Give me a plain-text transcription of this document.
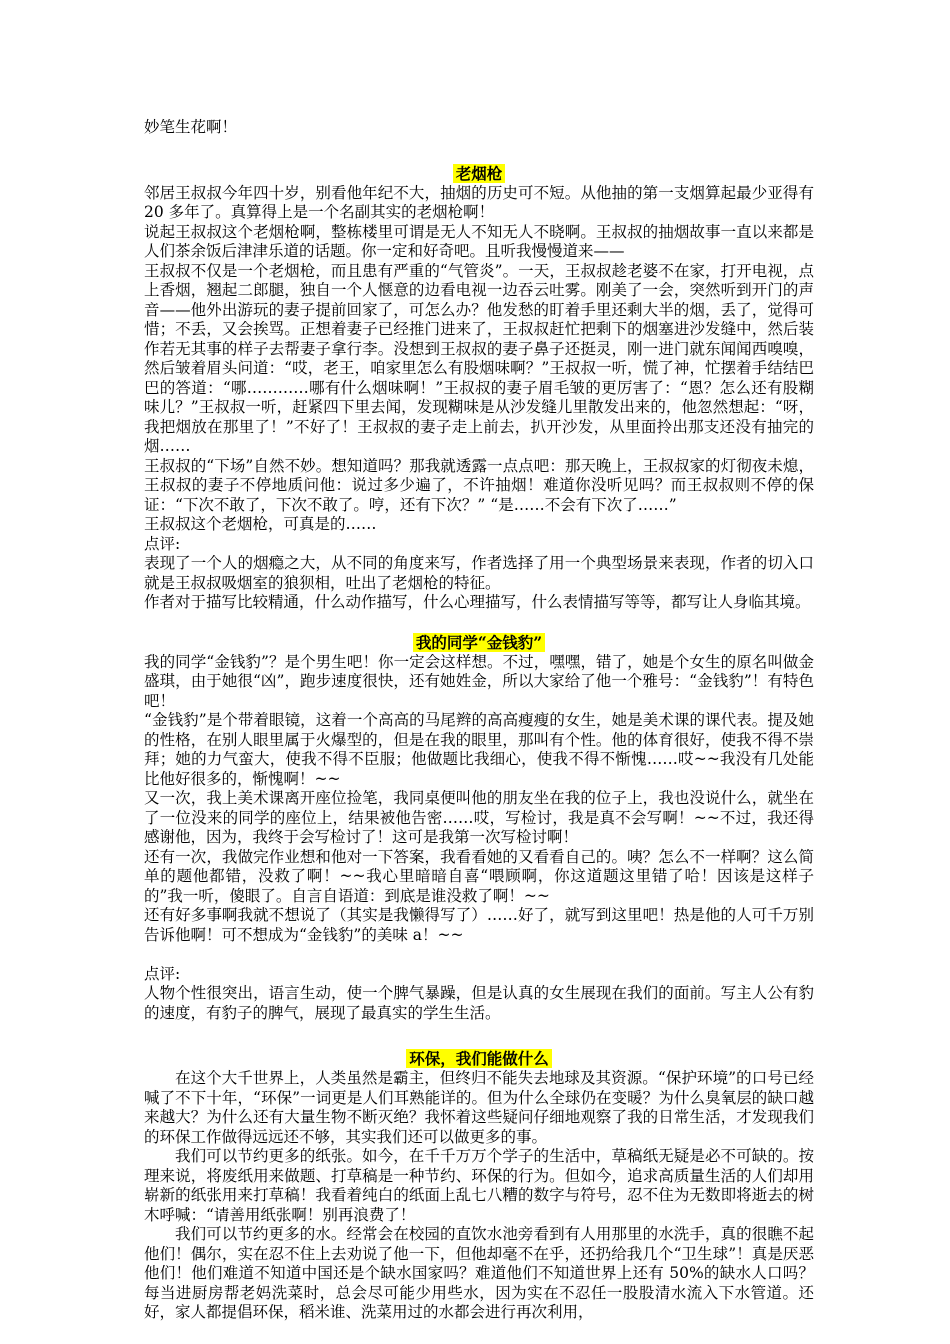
妙笔生花啊！

老烟枪

邻居王叔叔今年四十岁，别看他年纪不大，抽烟的历史可不短。从他抽的第一支烟算起最少亚得有 20 多年了。真算得上是一个名副其实的老烟枪啊！

说起王叔叔这个老烟枪啊，整栋楼里可谓是无人不知无人不晓啊。王叔叔的抽烟故事一直以来都是人们茶余饭后津津乐道的话题。你一定和好奇吧。且听我慢慢道来——

王叔叔不仅是一个老烟枪，而且患有严重的“气管炎”。一天，王叔叔趁老婆不在家，打开电视，点上香烟，翘起二郎腿，独自一个人惬意的边看电视一边吞云吐雾。刚美了一会，突然听到开门的声音——他外出游玩的妻子提前回家了，可怎么办？他发愁的盯着手里还剩大半的烟，丢了，觉得可惜；不丢，又会挨骂。正想着妻子已经推门进来了，王叔叔赶忙把剩下的烟塞进沙发缝中，然后装作若无其事的样子去帮妻子拿行李。没想到王叔叔的妻子鼻子还挺灵，刚一进门就东闻闻西嗅嗅，然后皱着眉头问道：“哎，老王，咱家里怎么有股烟味啊？”王叔叔一听，慌了神，忙摆着手结结巴巴的答道：“哪…………哪有什么烟味啊！”王叔叔的妻子眉毛皱的更厉害了：“恩？怎么还有股糊味儿？”王叔叔一听，赶紧四下里去闻，发现糊味是从沙发缝儿里散发出来的，他忽然想起：“呀，我把烟放在那里了！”不好了！王叔叔的妻子走上前去，扒开沙发，从里面拎出那支还没有抽完的烟……

王叔叔的“下场”自然不妙。想知道吗？那我就透露一点点吧：那天晚上，王叔叔家的灯彻夜未熄，王叔叔的妻子不停地质问他：说过多少遍了，不许抽烟！难道你没听见吗？而王叔叔则不停的保证：“下次不敢了，下次不敢了。哼，还有下次？” “是……不会有下次了……”

王叔叔这个老烟枪，可真是的……

点评:

表现了一个人的烟瘾之大，从不同的角度来写，作者选择了用一个典型场景来表现，作者的切入口就是王叔叔吸烟室的狼狈相，吐出了老烟枪的特征。

作者对于描写比较精通，什么动作描写，什么心理描写，什么表情描写等等，都写让人身临其境。

我的同学“金钱豹”

我的同学“金钱豹”？是个男生吧！你一定会这样想。不过，嘿嘿，错了，她是个女生的原名叫做金盛琪，由于她很“凶”，跑步速度很快，还有她姓金，所以大家给了他一个雅号：“金钱豹”！有特色吧！

“金钱豹”是个带着眼镜，这着一个高高的马尾辫的高高瘦瘦的女生，她是美术课的课代表。提及她的性格，在别人眼里属于火爆型的，但是在我的眼里，那叫有个性。他的体育很好，使我不得不崇拜；她的力气蛮大，使我不得不臣服；他做题比我细心，使我不得不惭愧……哎~~我没有几处能比他好很多的，惭愧啊！~~

又一次，我上美术课离开座位捡笔，我同桌便叫他的朋友坐在我的位子上，我也没说什么，就坐在了一位没来的同学的座位上，结果被他告密……哎，写检讨，我是真不会写啊！~~不过，我还得感谢他，因为，我终于会写检讨了！这可是我第一次写检讨啊！

还有一次，我做完作业想和他对一下答案，我看看她的又看看自己的。咦？怎么不一样啊？这么简单的题他都错，没救了啊！~~我心里暗暗自喜“喂顾啊，你这道题这里错了哈！因该是这样子的”我一听，傻眼了。自言自语道：到底是谁没救了啊！~~

还有好多事啊我就不想说了（其实是我懒得写了）……好了，就写到这里吧！热是他的人可千万别告诉他啊！可不想成为“金钱豹”的美味 a！~~

点评:

人物个性很突出，语言生动，使一个脾气暴躁，但是认真的女生展现在我们的面前。写主人公有豹的速度，有豹子的脾气，展现了最真实的学生生活。

环保，我们能做什么

在这个大千世界上，人类虽然是霸主，但终归不能失去地球及其资源。“保护环境”的口号已经喊了不下十年，“环保”一词更是人们耳熟能详的。但为什么全球仍在变暖？为什么臭氧层的缺口越来越大？为什么还有大量生物不断灭绝？我怀着这些疑问仔细地观察了我的日常生活，才发现我们的环保工作做得远远还不够，其实我们还可以做更多的事。

我们可以节约更多的纸张。如今，在千千万万个学子的生活中，草稿纸无疑是必不可缺的。按理来说，将废纸用来做题、打草稿是一种节约、环保的行为。但如今，追求高质量生活的人们却用崭新的纸张用来打草稿！我看着纯白的纸面上乱七八糟的数字与符号，忍不住为无数即将逝去的树木呼喊：“请善用纸张啊！别再浪费了！

我们可以节约更多的水。经常会在校园的直饮水池旁看到有人用那里的水洗手，真的很瞧不起他们！偶尔，实在忍不住上去劝说了他一下，但他却毫不在乎，还扔给我几个“卫生球”！真是厌恶他们！他们难道不知道中国还是个缺水国家吗？难道他们不知道世界上还有 50%的缺水人口吗？每当进厨房帮老妈洗菜时，总会尽可能少用些水，因为实在不忍任一股股清水流入下水管道。还好，家人都提倡环保，稻米谁、洗菜用过的水都会进行再次利用，
